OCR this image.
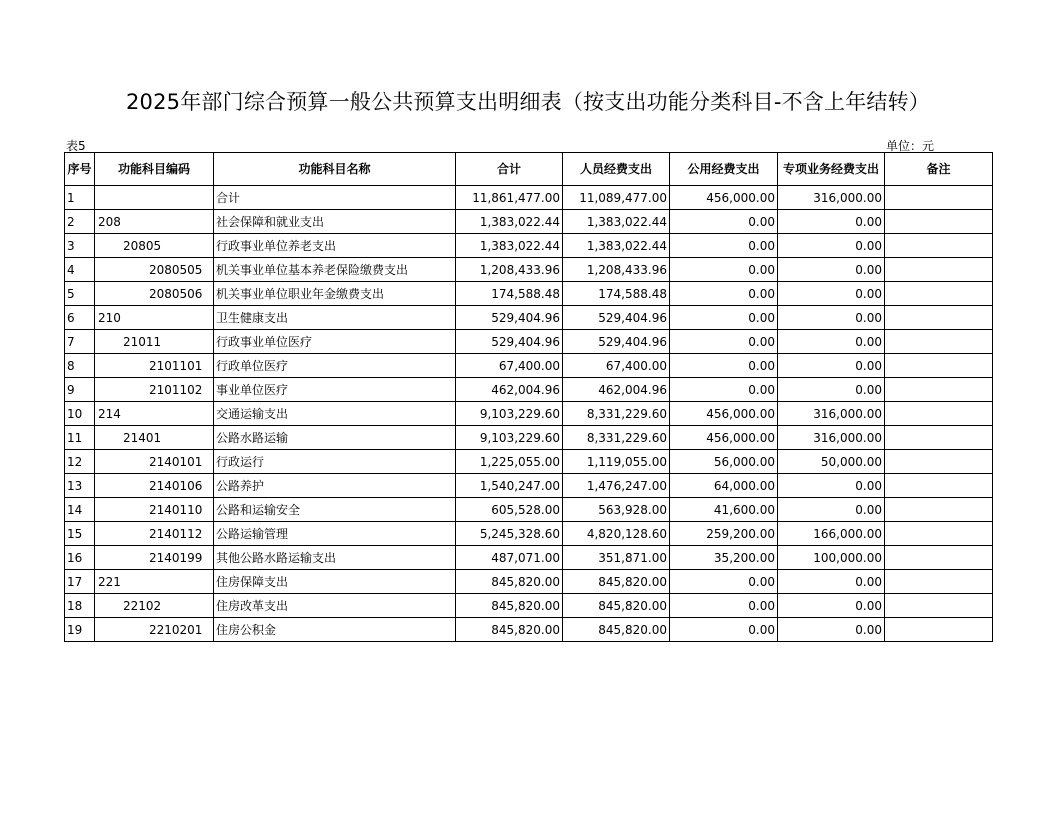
2025年部门综合预算一般公共预算支出明细表（按支出功能分类科目-不含上年结转）
表5	单位：元
序号	功能科目编码	功能科目名称	合计	人员经费支出	公用经费支出	专项业务经费支出	备注
1		合计	11,861,477.00	11,089,477.00	456,000.00	316,000.00	
2	208	社会保障和就业支出	1,383,022.44	1,383,022.44	0.00	0.00	
3	20805	行政事业单位养老支出	1,383,022.44	1,383,022.44	0.00	0.00	
4	2080505	机关事业单位基本养老保险缴费支出	1,208,433.96	1,208,433.96	0.00	0.00	
5	2080506	机关事业单位职业年金缴费支出	174,588.48	174,588.48	0.00	0.00	
6	210	卫生健康支出	529,404.96	529,404.96	0.00	0.00	
7	21011	行政事业单位医疗	529,404.96	529,404.96	0.00	0.00	
8	2101101	行政单位医疗	67,400.00	67,400.00	0.00	0.00	
9	2101102	事业单位医疗	462,004.96	462,004.96	0.00	0.00	
10	214	交通运输支出	9,103,229.60	8,331,229.60	456,000.00	316,000.00	
11	21401	公路水路运输	9,103,229.60	8,331,229.60	456,000.00	316,000.00	
12	2140101	行政运行	1,225,055.00	1,119,055.00	56,000.00	50,000.00	
13	2140106	公路养护	1,540,247.00	1,476,247.00	64,000.00	0.00	
14	2140110	公路和运输安全	605,528.00	563,928.00	41,600.00	0.00	
15	2140112	公路运输管理	5,245,328.60	4,820,128.60	259,200.00	166,000.00	
16	2140199	其他公路水路运输支出	487,071.00	351,871.00	35,200.00	100,000.00	
17	221	住房保障支出	845,820.00	845,820.00	0.00	0.00	
18	22102	住房改革支出	845,820.00	845,820.00	0.00	0.00	
19	2210201	住房公积金	845,820.00	845,820.00	0.00	0.00	
